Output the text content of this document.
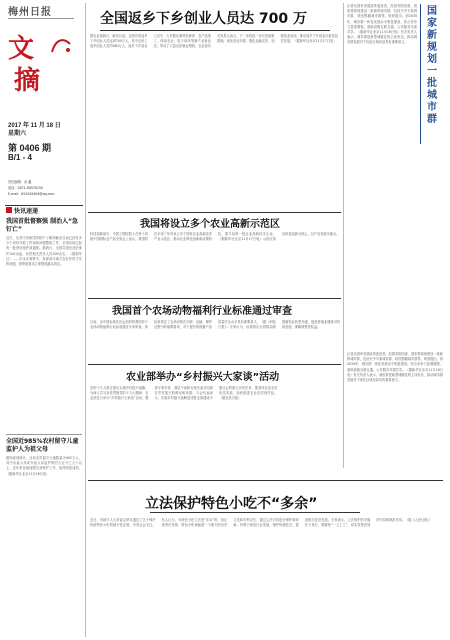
梅州日报
文
摘
2017 年 11 月 18 日
星期六
第 0406 期
B/1 - 4
责任编辑：余 鑫
电话：0871-60576150
E-mail：624349409@qq.com
快讯速递
我国首批督察强 制治人“急钉亡”
近日，从党中央和国务院中了解到截至目前已经有多少个省份开展了约谈和问题整改工作，全国各地已经有一批查处案件被通报。据统计，全国共查处违法案件100余起，问责相关责任人员200余名。（据新华社）……在本次督察中，发现部分地方存在作风不实的问题，督察组要求立即整改落实到位。
全国近985%农村留守儿童监护人为祖父母
据民政部统计，目前农村留守儿童数量为902万人，其中由祖父母或外祖父母监护的约占百分之九十以上，近年来各地加强关爱保护工作，取得明显成效。（据新华社北京11月16日电）
全国返乡下乡创业人员达 700 万
据农业部统计，截至目前，全国各类返乡下乡创业人员达到700万人，其中农民工返乡创业人员约480万人。返乡下乡创业人员中，大多数从事特色种养、农产品加工、休闲农业、电子商务等新产业新业态，带动了大量农民就业增收。农业部有关负责人表示，下一步将进一步完善政策措施，优化创业环境，强化金融支持，加强创业培训，推动返乡下乡创业向更高层次发展。（据新华社北京11月17日电）
记者从国家发展改革委获悉，经国务院同意，国家将规划建设一批新的城市群，包括关中平原城市群、呼包鄂榆城市群等。规划提出，到2035年，城市群一体化发展水平明显提高，综合竞争力显著增强，基础设施互联互通，公共服务共建共享。（据新华社北京11月16日电）有关负责人表示，城市群是新型城镇化的主体形态，推动城市群发展对于优化区域布局具有重要意义。
国家新规划一批城市群
我国将设立多个农业高新示范区
科技部副部长、中国工程院院士在第十四届中国国际农产品交易会上表示，我国将在未来三年内设立多个国家农业高新技术产业示范区，推动农业科技创新和成果转化，着力培育一批农业高新技术企业。（据新华社北京11月17日电）示范区将以科技创新为核心，以产业发展为重点。
我国首个农场动物福利行业标准通过审查
日前，由中国标准化协会组织的我国首个农场动物福利行业标准通过专家审查。该标准规定了农场动物在饲养、运输、屠宰过程中的福利要求，对于提升我国畜产品质量安全水平具有重要意义。（据《科技日报》）专家认为，标准的出台将推动我国畜牧业转型升级，促进养殖业健康可持续发展，保障消费者权益。
记者从国家发展改革委获悉，经国务院同意，国家将规划建设一批新的城市群，包括关中平原城市群、呼包鄂榆城市群等。规划提出，到2035年，城市群一体化发展水平明显提高，综合竞争力显著增强，基础设施互联互通，公共服务共建共享。（据新华社北京11月16日电）有关负责人表示，城市群是新型城镇化的主体形态，推动城市群发展对于优化区域布局具有重要意义。
农业部举办“乡村振兴大家谈”活动
党的十九大报告提出实施乡村振兴战略。为深入学习宣传贯彻党的十九大精神，农业部近日举办“乡村振兴大家谈”活动，邀请专家学者、基层干部和农民代表共同探讨乡村振兴的路径和举措。与会代表表示，实施乡村振兴战略是决胜全面建成小康社会的重大历史任务，要坚持农业农村优先发展，加快推进农业农村现代化。（据农民日报）
立法保护特色小吃不“多余”
近日，有地方人大常委会审议通过了关于保护传统特色小吃的地方性法规，引发社会关注。有人认为，为特色小吃立法是“多余”的，但记者采访发现，特色小吃承载着一个地方的历史文化和乡愁记忆，通过立法对其进行保护和传承，有利于规范行业发展，保护传统技艺，促进地方经济发展。专家表示，立法保护的关键在于执行，要避免“一立了之”，切实发挥法规的引导和规范作用。（据《人民日报》）
